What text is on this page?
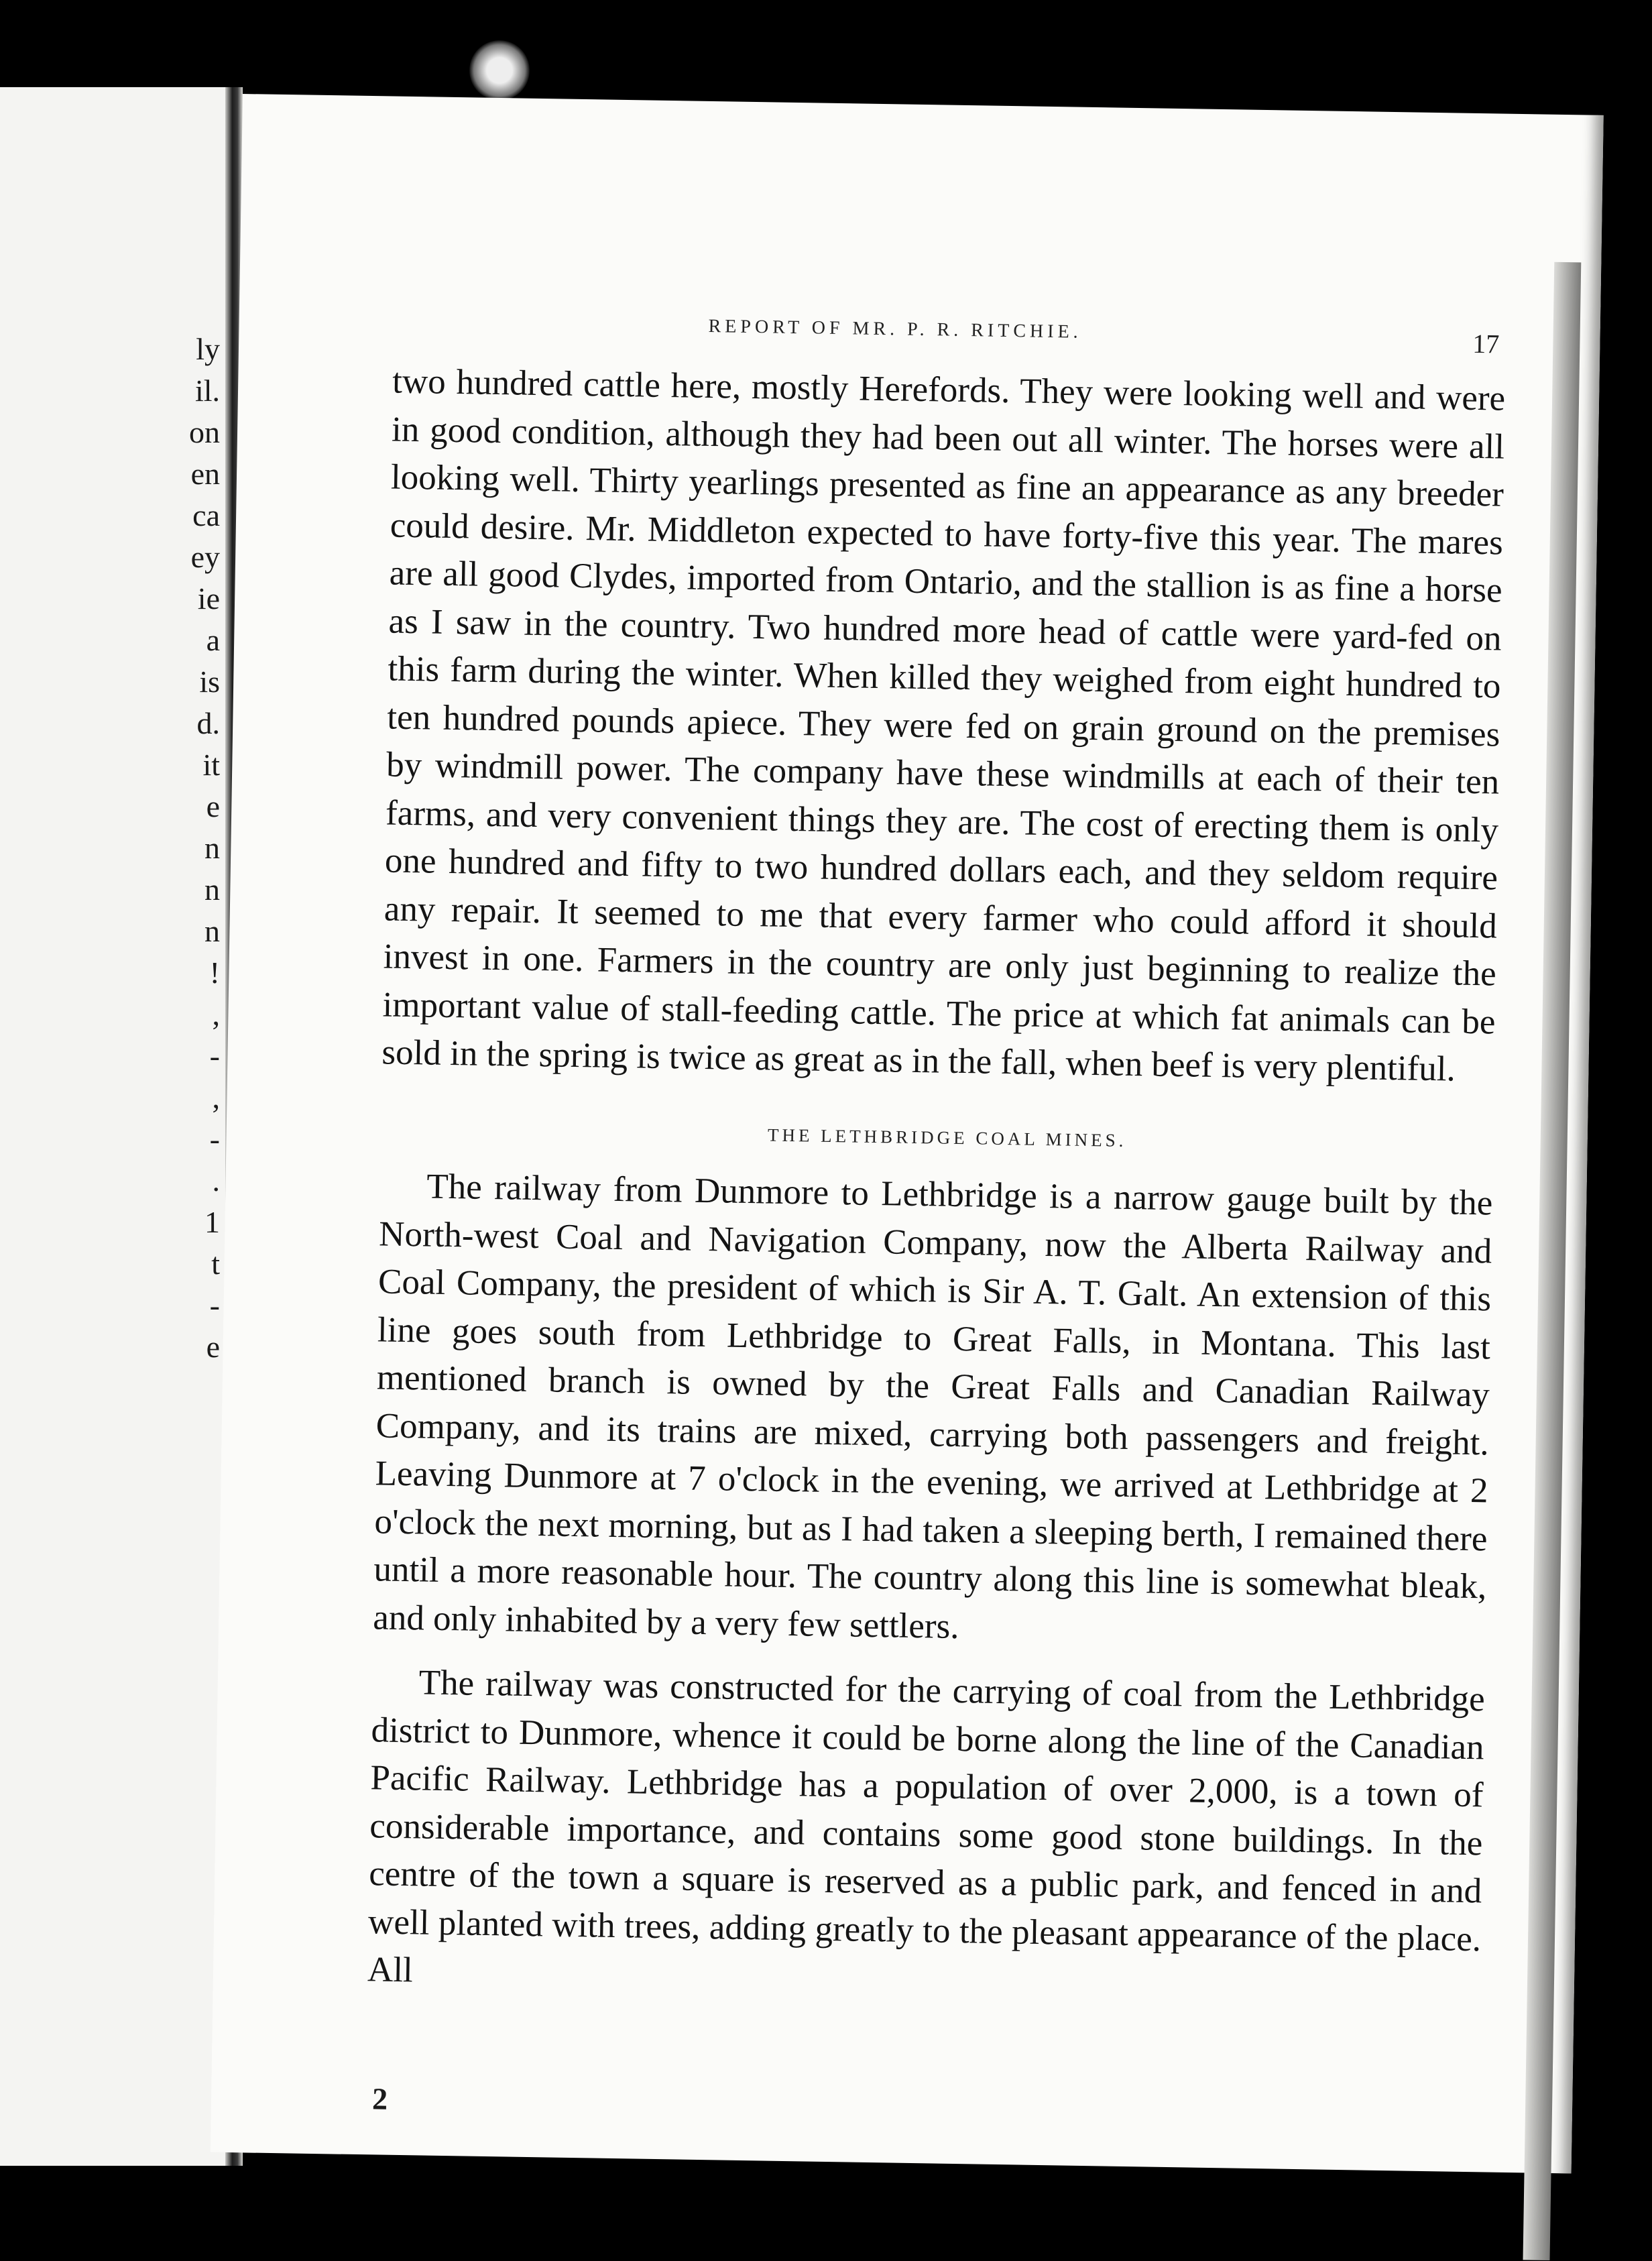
ly
il.
on
en
ca
ey
ie
a
is
d.
it
e
n
n
n
!
,
-
,
-
.
1
t
-
e
REPORT OF MR. P. R. RITCHIE.	17

two hundred cattle here, mostly Herefords. They were looking well and were in good condition, although they had been out all winter. The horses were all looking well. Thirty yearlings presented as fine an appearance as any breeder could desire. Mr. Middleton expected to have forty-five this year. The mares are all good Clydes, imported from Ontario, and the stallion is as fine a horse as I saw in the country. Two hundred more head of cattle were yard-fed on this farm during the winter. When killed they weighed from eight hundred to ten hundred pounds apiece. They were fed on grain ground on the premises by windmill power. The company have these windmills at each of their ten farms, and very convenient things they are. The cost of erecting them is only one hundred and fifty to two hundred dollars each, and they seldom require any repair. It seemed to me that every farmer who could afford it should invest in one. Farmers in the country are only just beginning to realize the important value of stall-feeding cattle. The price at which fat animals can be sold in the spring is twice as great as in the fall, when beef is very plentiful.

THE LETHBRIDGE COAL MINES.

The railway from Dunmore to Lethbridge is a narrow gauge built by the North-west Coal and Navigation Company, now the Alberta Railway and Coal Company, the president of which is Sir A. T. Galt. An extension of this line goes south from Lethbridge to Great Falls, in Montana. This last mentioned branch is owned by the Great Falls and Canadian Railway Company, and its trains are mixed, carrying both passengers and freight. Leaving Dunmore at 7 o'clock in the evening, we arrived at Lethbridge at 2 o'clock the next morning, but as I had taken a sleeping berth, I remained there until a more reasonable hour. The country along this line is somewhat bleak, and only inhabited by a very few settlers.

The railway was constructed for the carrying of coal from the Lethbridge district to Dunmore, whence it could be borne along the line of the Canadian Pacific Railway. Lethbridge has a population of over 2,000, is a town of considerable importance, and contains some good stone buildings. In the centre of the town a square is reserved as a public park, and fenced in and well planted with trees, adding greatly to the pleasant appearance of the place. All

2
